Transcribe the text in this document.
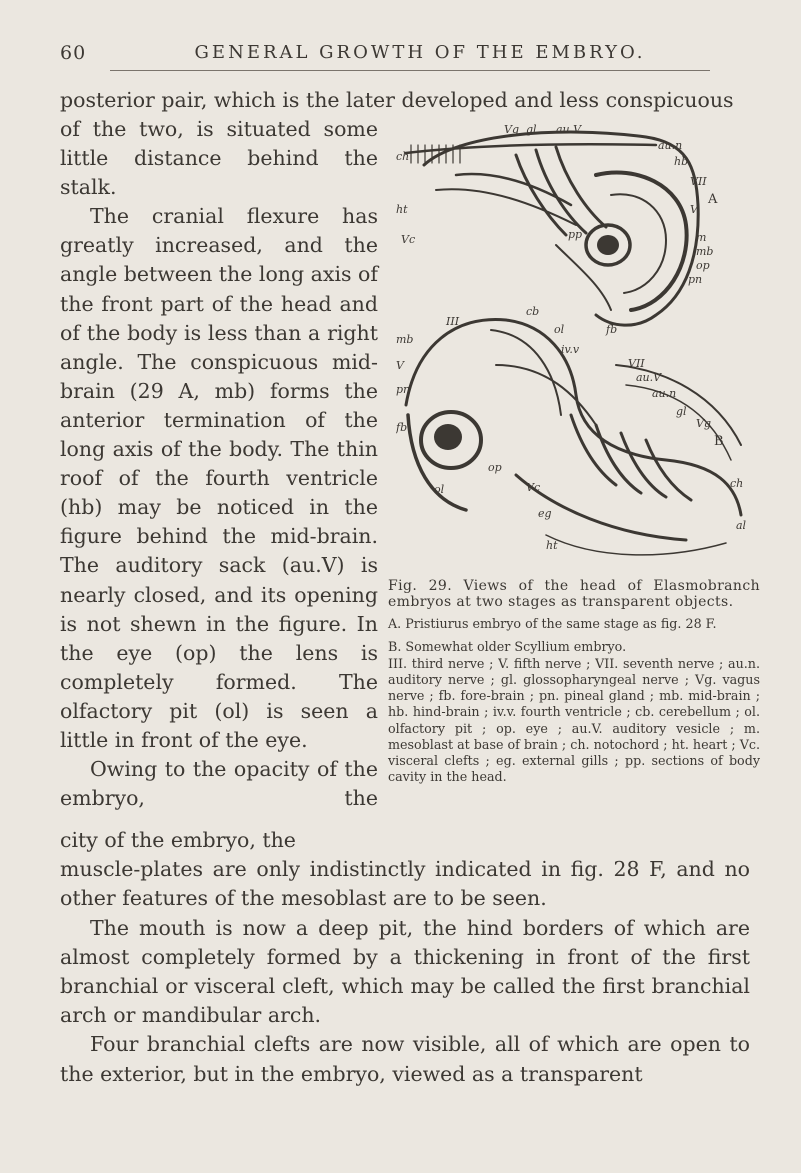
60	GENERAL GROWTH OF THE EMBRYO.
posterior pair, which is the later developed and less conspicuous
of the two, is situated some little distance behind the stalk.
The cranial flexure has greatly increased, and the angle between the long axis of the front part of the head and of the body is less than a right angle. The conspicuous mid-brain (29 A, mb) forms the anterior termination of the long axis of the body. The thin roof of the fourth ventricle (hb) may be noticed in the figure behind the mid-brain. The auditory sack (au.V) is nearly closed, and its opening is not shewn in the figure. In the eye (op) the lens is completely formed. The olfactory pit (ol) is seen a little in front of the eye.
Owing to the opacity of the embryo, the
A
B
Vg gl au.V
au.n
hb
VII
ch
V
ht
Vc	pp	m
mb
op
pn
III
cb
mb
ol	fb
iv.v
VII
au.V
V
au.n
gl
Vg
pn
fb
op
ol	Vc
eg
ch
ht
al
Fig. 29. Views of the head of Elasmobranch embryos at two stages as transparent objects.
A. Pristiurus embryo of the same stage as fig. 28 F.
B. Somewhat older Scyllium embryo.
III. third nerve ; V. fifth nerve ; VII. seventh nerve ; au.n. auditory nerve ; gl. glossopharyngeal nerve ; Vg. vagus nerve ; fb. fore-brain ; pn. pineal gland ; mb. mid-brain ; hb. hind-brain ; iv.v. fourth ventricle ; cb. cerebellum ; ol. olfactory pit ; op. eye ; au.V. auditory vesicle ; m. mesoblast at base of brain ; ch. notochord ; ht. heart ; Vc. visceral clefts ; eg. external gills ; pp. sections of body cavity in the head.

city of the embryo, the

muscle-plates are only indistinctly indicated in fig. 28 F, and no other features of the mesoblast are to be seen.

The mouth is now a deep pit, the hind borders of which are almost completely formed by a thickening in front of the first branchial or visceral cleft, which may be called the first branchial arch or mandibular arch.

Four branchial clefts are now visible, all of which are open to the exterior, but in the embryo, viewed as a transparent
